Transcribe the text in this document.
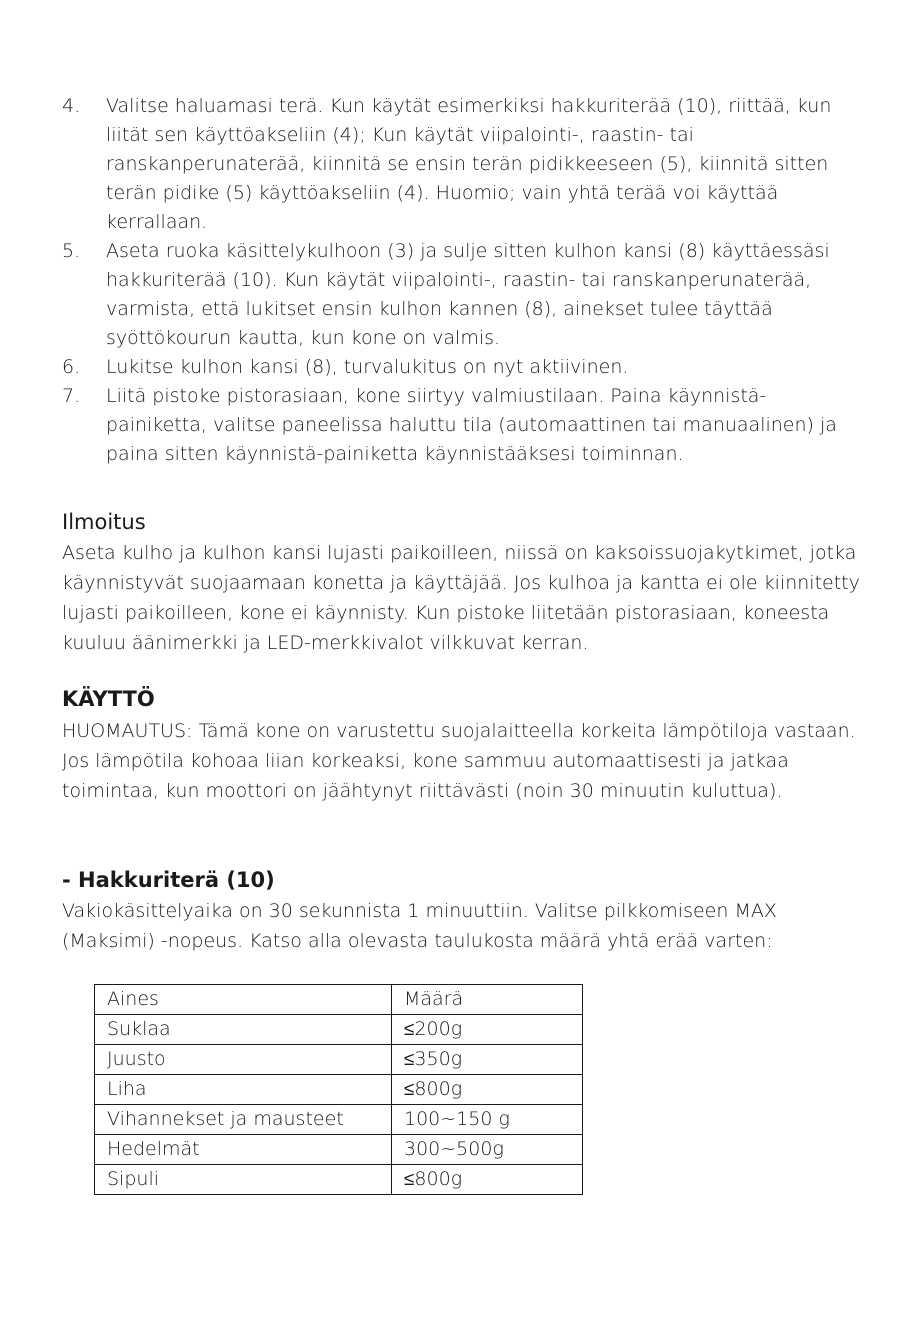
4. Valitse haluamasi terä. Kun käytät esimerkiksi hakkuriterää (10), riittää, kun liität sen käyttöakseliin (4); Kun käytät viipalointi-, raastin- tai ranskanperunaterää, kiinnitä se ensin terän pidikkeeseen (5), kiinnitä sitten terän pidike (5) käyttöakseliin (4). Huomio; vain yhtä terää voi käyttää kerrallaan.
5. Aseta ruoka käsittelykulhoon (3) ja sulje sitten kulhon kansi (8) käyttäessäsi hakkuriterää (10). Kun käytät viipalointi-, raastin- tai ranskanperunaterää, varmista, että lukitset ensin kulhon kannen (8), ainekset tulee täyttää syöttökourun kautta, kun kone on valmis.
6. Lukitse kulhon kansi (8), turvalukitus on nyt aktiivinen.
7. Liitä pistoke pistorasiaan, kone siirtyy valmiustilaan. Paina käynnistä-painiketta, valitse paneelissa haluttu tila (automaattinen tai manuaalinen) ja paina sitten käynnistä-painiketta käynnistääksesi toiminnan.
Ilmoitus

Aseta kulho ja kulhon kansi lujasti paikoilleen, niissä on kaksoissuojakytkimet, jotka käynnistyvät suojaamaan konetta ja käyttäjää. Jos kulhoa ja kantta ei ole kiinnitetty lujasti paikoilleen, kone ei käynnisty. Kun pistoke liitetään pistorasiaan, koneesta kuuluu äänimerkki ja LED-merkkivalot vilkkuvat kerran.

KÄYTTÖ

HUOMAUTUS: Tämä kone on varustettu suojalaitteella korkeita lämpötiloja vastaan. Jos lämpötila kohoaa liian korkeaksi, kone sammuu automaattisesti ja jatkaa toimintaa, kun moottori on jäähtynyt riittävästi (noin 30 minuutin kuluttua).

- Hakkuriterä (10)

Vakiokäsittelyaika on 30 sekunnista 1 minuuttiin. Valitse pilkkomiseen MAX (Maksimi) -nopeus. Katso alla olevasta taulukosta määrä yhtä erää varten:

Aines	Määrä
Suklaa	≤200g
Juusto	≤350g
Liha	≤800g
Vihannekset ja mausteet	100~150 g
Hedelmät	300~500g
Sipuli	≤800g
